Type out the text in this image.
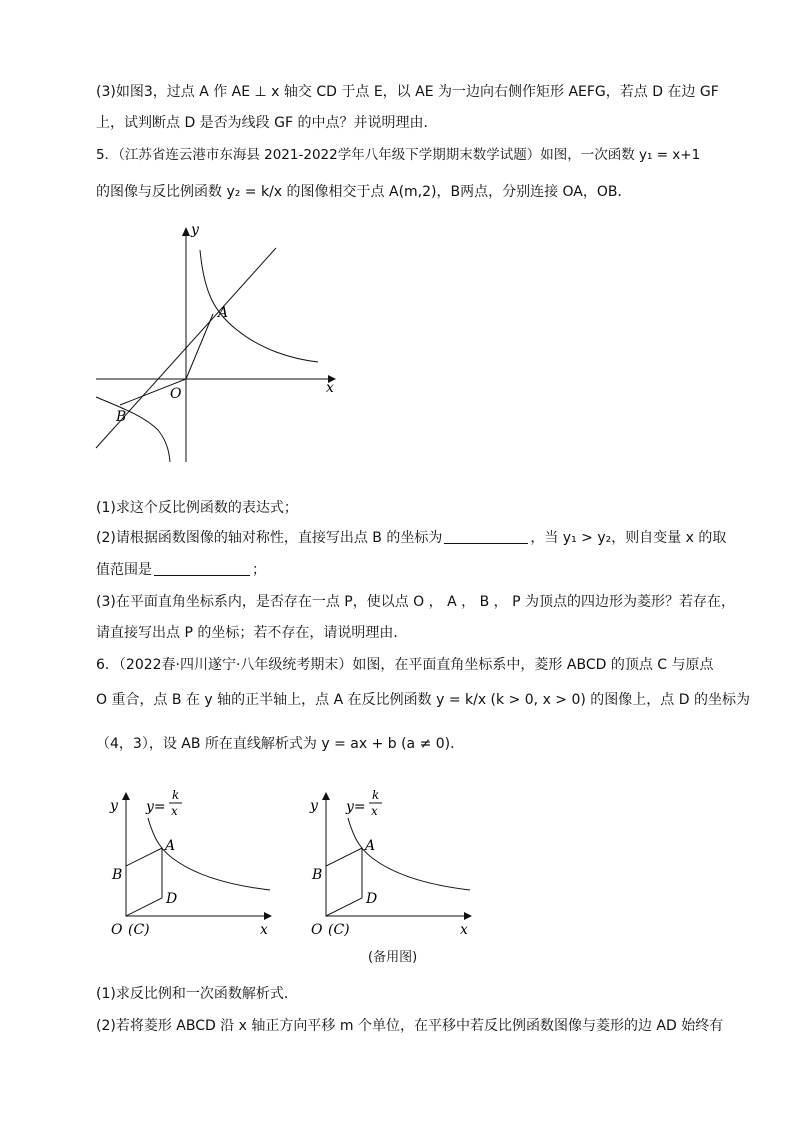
(3)如图3，过点 A 作 AE ⊥ x 轴交 CD 于点 E，以 AE 为一边向右侧作矩形 AEFG，若点 D 在边 GF
上，试判断点 D 是否为线段 GF 的中点？并说明理由．
5．（江苏省连云港市东海县 2021-2022学年八年级下学期期末数学试题）如图，一次函数 y₁ = x+1
的图像与反比例函数 y₂ = k/x 的图像相交于点 A(m,2)，B两点，分别连接 OA，OB．
y
x
O
A
B
(1)求这个反比例函数的表达式；
(2)请根据函数图像的轴对称性，直接写出点 B 的坐标为	，当 y₁ > y₂，则自变量 x 的取
值范围是	；
(3)在平面直角坐标系内，是否存在一点 P，使以点 O ， A ， B ， P 为顶点的四边形为菱形？若存在，
请直接写出点 P 的坐标；若不存在，请说明理由．
6．（2022春·四川遂宁·八年级统考期末）如图，在平面直角坐标系中，菱形 ABCD 的顶点 C 与原点
O 重合，点 B 在 y 轴的正半轴上，点 A 在反比例函数 y = k/x (k > 0, x > 0) 的图像上，点 D 的坐标为
（4，3），设 AB 所在直线解析式为 y = ax + b (a ≠ 0)．
y y=
k
x
A
B
D
O (C)	x
y y=
k
x
A
B
D
O (C)	x
(备用图)
(1)求反比例和一次函数解析式．
(2)若将菱形 ABCD 沿 x 轴正方向平移 m 个单位，在平移中若反比例函数图像与菱形的边 AD 始终有
